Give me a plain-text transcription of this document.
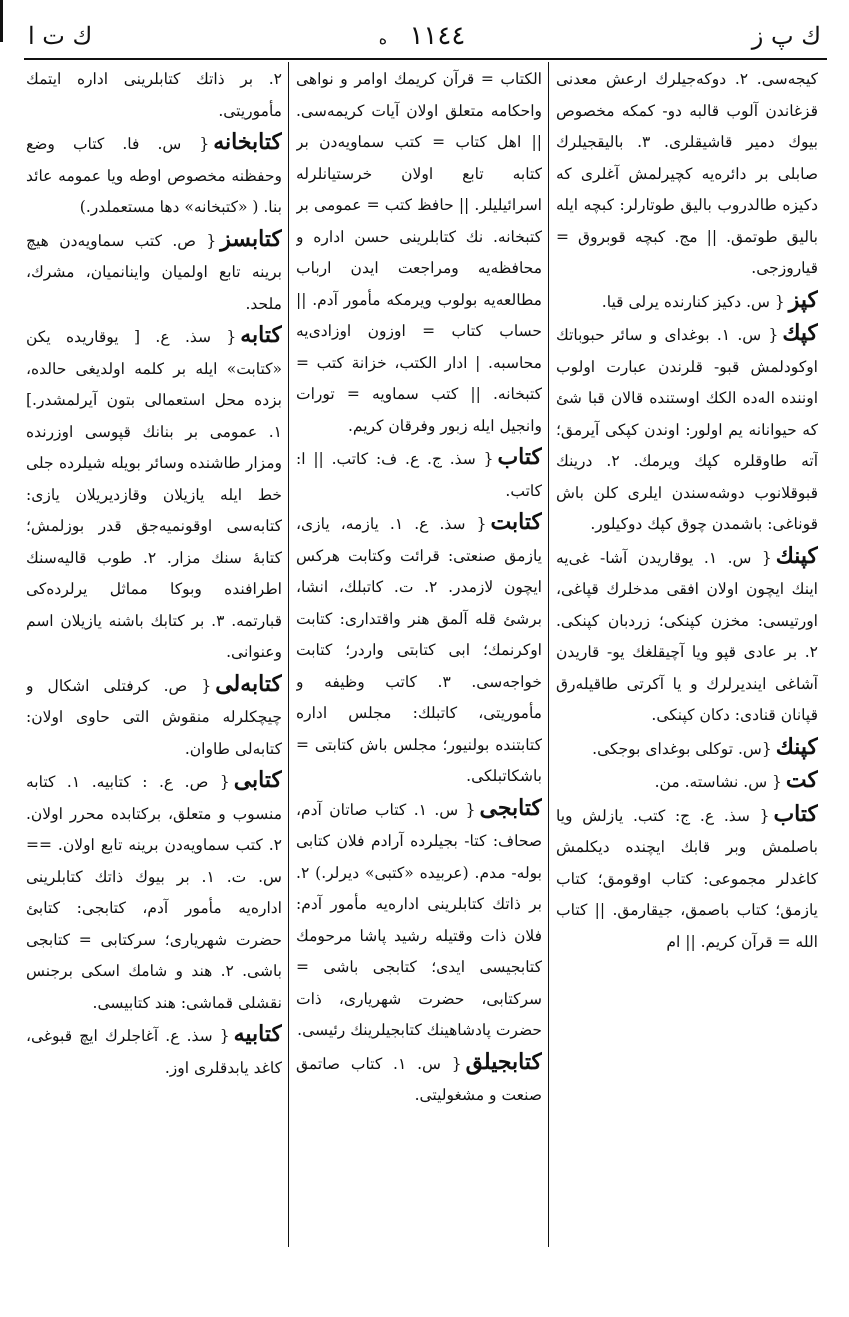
ك پ ز
١١٤٤ ه
ك ت ا

كيجه‌سى. ٢. دوكه‌جيلرك ارعش معدنى قزغاندن آلوب قالبه دو- كمكه مخصوص بيوك دمير قاشيقلرى. ٣. باليقجيلرك صابلى بر دائره‌يه كچيرلمش آغلرى كه دكيزه طالدروب باليق طوتارلر: كبچه ايله باليق طوتمق. || مج. كبچه قوبروق = قياروزجى.

كپز{ س. دكيز كنارنده يرلى قيا.

كپك{ س. ١. بوغداى و سائر حبوباتك اوكودلمش قبو- قلرندن عبارت اولوب اوننده اله‌ده الكك اوستنده قالان قبا شئ كه حيوانانه يم اولور: اوندن كپكى آيرمق؛ آته طاوقلره كپك ويرمك. ٢. درينك قبوقلانوب دوشه‌سندن ايلرى كلن باش قوناغى: باشمدن چوق كپك دوكيلور.

كپنك{ س. ١. يوقاريدن آشا- غى‌يه اينك ايچون اولان افقى مدخلرك قپاغى، اورتيسى: مخزن كپنكى؛ زردبان كپنكى. ٢. بر عادى قپو ويا آچيقلغك يو- قاريدن آشاغى اينديرلرك و يا آكرتى طاقيله‌رق قپانان قنادى: دكان كپنكى.

كپنك{س. توكلى بوغداى بوجكى.

كت{ س. نشاسته. من.

كتاب{ سذ. ع. ج: كتب. يازلش ويا باصلمش وبر قابك ايچنده ديكلمش كاغدلر مجموعى: كتاب اوقومق؛ كتاب يازمق؛ كتاب باصمق، جيقارمق. || كتاب الله = قرآن كريم. || ام

الكتاب = قرآن كريمك اوامر و نواهى واحكامه متعلق اولان آيات كريمه‌سى. || اهل كتاب = كتب سماويه‌دن بر كتابه تابع اولان خرستيانلرله اسرائيليلر. || حافظ كتب = عمومى بر كتبخانه. نك كتابلرينى حسن اداره و محافظه‌يه ومراجعت ايدن ارباب مطالعه‌يه بولوب ويرمكه مأمور آدم. || حساب كتاب = اوزون اوزادى‌يه محاسبه. | ادار الكتب، خزانة كتب = كتبخانه. || كتب سماويه = تورات وانجيل ايله زبور وفرقان كريم.

كتاب{ سذ. ج. ع. ف: كاتب. || ا: كاتب.

كتابت{ سذ. ع. ١. يازمه، يازى، يازمق صنعتى: قرائت وكتابت هركس ايچون لازمدر. ٢. ت. كاتبلك، انشا، برشئ قله آلمق هنر واقتدارى: كتابت اوكرنمك؛ ابى كتابتى واردر؛ كتابت خواجه‌سى. ٣. كاتب وظيفه و مأموريتى، كاتبلك: مجلس اداره كتابتنده بولنيور؛ مجلس باش كتابتى = باشكاتبلكى.

كتابجى{ س. ١. كتاب صاتان آدم، صحاف: كتا- بجيلرده آرادم فلان كتابى بوله- مدم. (عربيده «كتبى» ديرلر.) ٢. بر ذاتك كتابلرينى اداره‌يه مأمور آدم: فلان ذات وقتيله رشيد پاشا مرحومك كتابجيسى ايدى؛ كتابجى باشى = سركتابى، حضرت شهريارى، ذات حضرت پادشاهينك كتابجيلرينك رئيسى.

كتابجيلق{ س. ١. كتاب صاتمق صنعت و مشغوليتى.

٢. بر ذاتك كتابلرينى اداره ايتمك مأموريتى.

كتابخانه{ س. فا. كتاب وضع وحفظنه مخصوص اوطه ويا عمومه عائد بنا. ( «كتبخانه» دها مستعملدر.)

كتابسز{ ص. كتب سماويه‌دن هيچ برينه تابع اولميان واينانميان، مشرك، ملحد.

كتابه{ سذ. ع. [ يوقاريده يكن «كتابت» ايله بر كلمه اولديغى حالده، بزده محل استعمالى بتون آيرلمشدر.] ١. عمومى بر بنانك قپوسى اوزرنده ومزار طاشنده وسائر بويله شيلرده جلى خط ايله يازيلان وقازديريلان يازى: كتابه‌سى اوقونميه‌جق قدر بوزلمش؛ كتابهٔ سنك مزار. ٢. طوب قاليه‌سنك اطرافنده وبوكا مماثل يرلرده‌كى قبارتمه. ٣. بر كتابك باشنه يازيلان اسم وعنوانى.

كتابه‌لى{ ص. كرفتلى اشكال و چيچكلرله منقوش التى حاوى اولان: كتابه‌لى طاوان.

كتابى{ ص. ع. : كتابيه. ١. كتابه منسوب و متعلق، بركتابده محرر اولان. ٢. كتب سماويه‌دن برينه تابع اولان. == س. ت. ١. بر بيوك ذاتك كتابلرينى اداره‌يه مأمور آدم، كتابجى: كتابئ حضرت شهريارى؛ سركتابى = كتابجى باشى. ٢. هند و شامك اسكى برجنس نقشلى قماشى: هند كتابيسى.

كتابيه{ سذ. ع. آغاجلرك ايچ قبوغى، كاغد يابدقلرى اوز.
